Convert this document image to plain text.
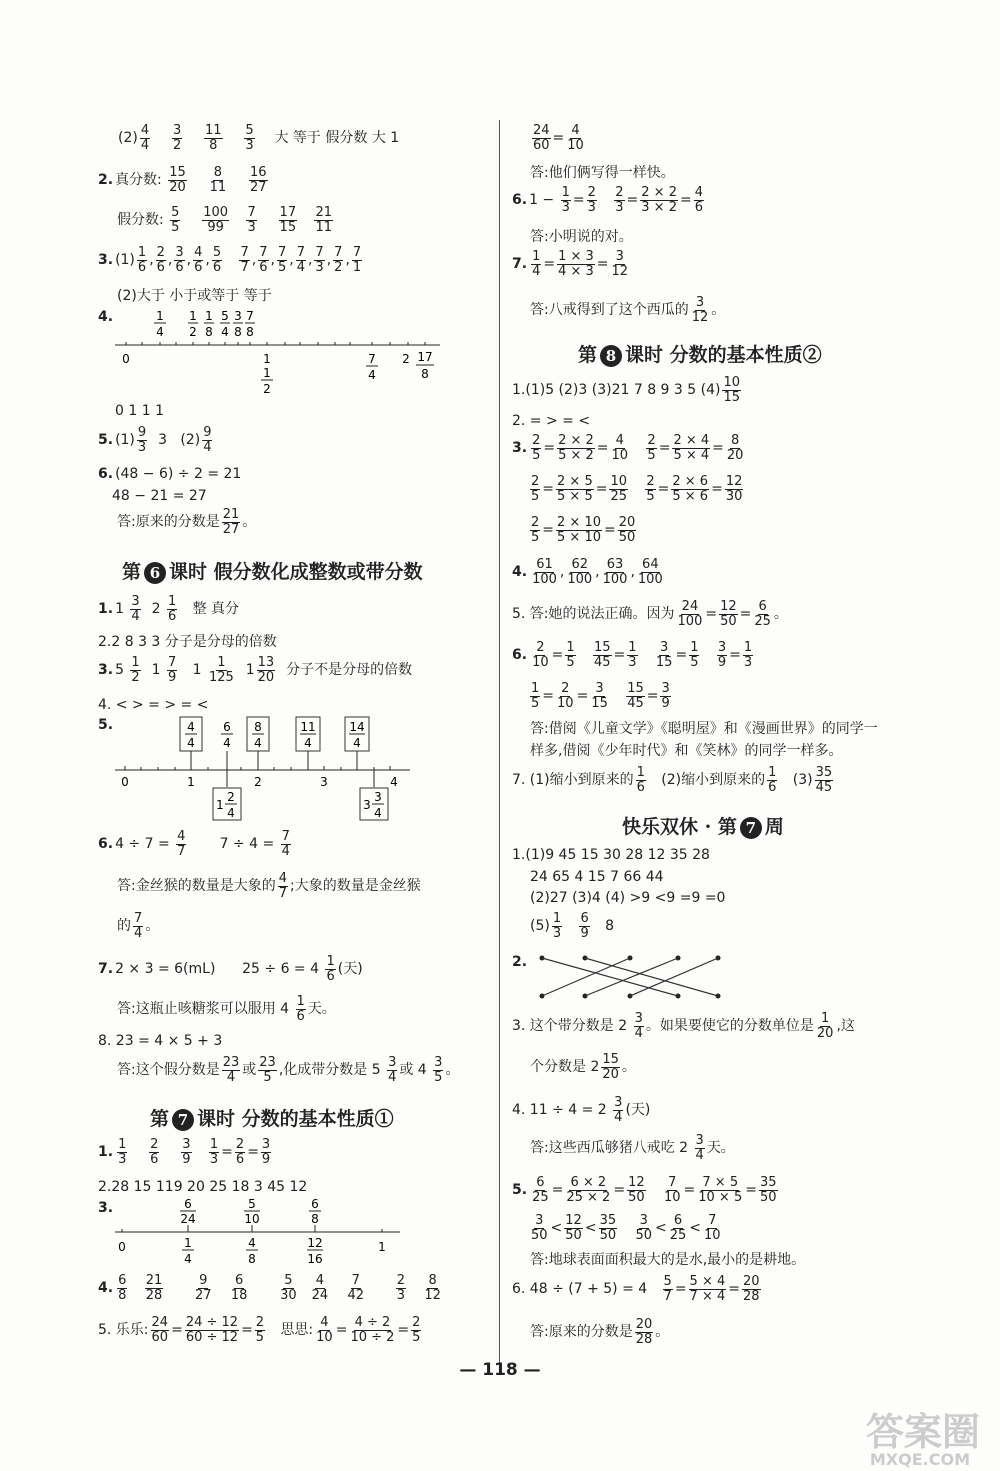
$(2) \frac{4}{4}$
$\frac{3}{2}$
$\frac{11}{8}$
$\frac{5}{3}$ 大 等于 假分数 大 1
2. 真分数: $\frac{15}{20}$
$\frac{8}{11}$
$\frac{16}{27}$
假分数: $\frac{5}{5}$
$\frac{100}{99}$
$\frac{7}{3}$
$\frac{17}{15}$
$\frac{21}{11}$
3. $(1) \frac{1}{6}$ , $\frac{2}{6}$ , $\frac{3}{6}$ , $\frac{4}{6}$ , $\frac{5}{6}$
$\frac{7}{7}$ , $\frac{7}{6}$ , $\frac{7}{5}$ , $\frac{7}{4}$ , $\frac{7}{3}$ , $\frac{7}{2}$ , $\frac{7}{1}$
(2)大于 小于或等于 等于
4.	1
4
1
2
1
8
5
4
3
8
7
8
0	1
1
2
7
4
2 17
8
0 1 1 1
5. $(1) \frac{9}{3} 3$   $(2) \frac{9}{4}$
6. (48 − 6) ÷ 2 = 21
48 − 21 = 27
答:原来的分数是 $\frac{21}{27}$ 。
第 6 课时 假分数化成整数或带分数
1. 1 3
4 2 1
6 整 真分
2.2 8 3 3 分子是分母的倍数
3. 5 1
2 1 7
9 1 1
125 1 13
20 分子不是分母的倍数
4. < > = > = <
5.	4
4
6
4
8
4
11
4
14
4
0	1	2	3	4
1
2
4
3
3
4
6. $4 \div 7 = \frac{4}{7} 7 \div 4 = \frac{7}{4}$
答:金丝猴的数量是大象的 $\frac{4}{7}$ ;大象的数量是金丝猴
的 $\frac{7}{4}$ 。
7. 2 × 3 = 6(mL) $25 \div 6 = 4 \frac{1}{6}$ (天)
答:这瓶止咳糖浆可以服用 $4 \frac{1}{6}$ 天。
8. 23 = 4 × 5 + 3
答:这个假分数是 $\frac{23}{4}$ 或 $\frac{23}{5}$ ,化成带分数是 $5 \frac{3}{4}$ 或 $4 \frac{3}{5}$ 。
第 7 课时 分数的基本性质①
1. $\frac{1}{3}$
$\frac{2}{6}$
$\frac{3}{9}$
$\frac{1}{3} = \frac{2}{6} = \frac{3}{9}$
2.28 15 119 20 25 18 3 45 12
3.	6
24
5
10
6
8
0	1
4
4
8
12
16
1
4. $\frac{6}{8}$
$\frac{21}{28}$
$\frac{9}{27}$
$\frac{6}{18}$
$\frac{5}{30}$
$\frac{4}{24}$
$\frac{7}{42}$
$\frac{2}{3}$
$\frac{8}{12}$
5. 乐乐: $\frac{24}{60} = \frac{24 \div 12}{60 \div 12} = \frac{2}{5}$ 思思: $\frac{4}{10} = \frac{4 \div 2}{10 \div 2} = \frac{2}{5}$
$\frac{24}{60} = \frac{4}{10}$
答:他们俩写得一样快。
6. $1 - \frac{1}{3} = \frac{2}{3}$
$\frac{2}{3} = \frac{2 \times 2}{3 \times 2} = \frac{4}{6}$
答:小明说的对。
7. $\frac{1}{4} = \frac{1 \times 3}{4 \times 3} = \frac{3}{12}$
答:八戒得到了这个西瓜的 $\frac{3}{12}$ 。
第 8 课时 分数的基本性质②
1.(1)5 (2)3 (3)21 7 8 9 3 5 $(4) \frac{10}{15}$
2. = > = <
3. $\frac{2}{5} = \frac{2 \times 2}{5 \times 2} = \frac{4}{10}$
$\frac{2}{5} = \frac{2 \times 4}{5 \times 4} = \frac{8}{20}$
$\frac{2}{5} = \frac{2 \times 5}{5 \times 5} = \frac{10}{25}$
$\frac{2}{5} = \frac{2 \times 6}{5 \times 6} = \frac{12}{30}$
$\frac{2}{5} = \frac{2 \times 10}{5 \times 10} = \frac{20}{50}$
4. $\frac{61}{100}$ , $\frac{62}{100}$ , $\frac{63}{100}$ , $\frac{64}{100}$
5. 答:她的说法正确。因为 $\frac{24}{100} = \frac{12}{50} = \frac{6}{25}$ 。
6. $\frac{2}{10} = \frac{1}{5}$
$\frac{15}{45} = \frac{1}{3}$
$\frac{3}{15} = \frac{1}{5}$
$\frac{3}{9} = \frac{1}{3}$
$\frac{1}{5} = \frac{2}{10} = \frac{3}{15}$
$\frac{15}{45} = \frac{3}{9}$
答:借阅《儿童文学》《聪明屋》和《漫画世界》的同学一
样多,借阅《少年时代》和《笑林》的同学一样多。
7. (1)缩小到原来的 $\frac{1}{6} (2)$缩小到原来的 $\frac{1}{6} (3) \frac{35}{45}$
快乐双休 · 第 7 周
1.(1)9 45 15 30 28 12 35 28
24 65 4 15 7 66 44
(2)27 (3)4 (4) >9 <9 =9 =0
$(5) \frac{1}{3}$
$\frac{6}{9} 8$
2.
3. 这个带分数是 $2 \frac{3}{4}$ 。如果要使它的分数单位是 $\frac{1}{20}$ ,这
个分数是 $2 \frac{15}{20}$ 。
4. $11 \div 4 = 2 \frac{3}{4}$ (天)
答:这些西瓜够猪八戒吃 $2 \frac{3}{4}$ 天。
5. $\frac{6}{25} = \frac{6 \times 2}{25 \times 2} = \frac{12}{50}$
$\frac{7}{10} = \frac{7 \times 5}{10 \times 5} = \frac{35}{50}$
$\frac{3}{50} < \frac{12}{50} < \frac{35}{50}$
$\frac{3}{50} < \frac{6}{25} < \frac{7}{10}$
答:地球表面面积最大的是水,最小的是耕地。
6. $48 \div (7 + 5) = 4 \frac{5}{7} = \frac{5 \times 4}{7 \times 4} = \frac{20}{28}$
答:原来的分数是 $\frac{20}{28}$ 。
— 118 —
答案圈
MXQE.COM
